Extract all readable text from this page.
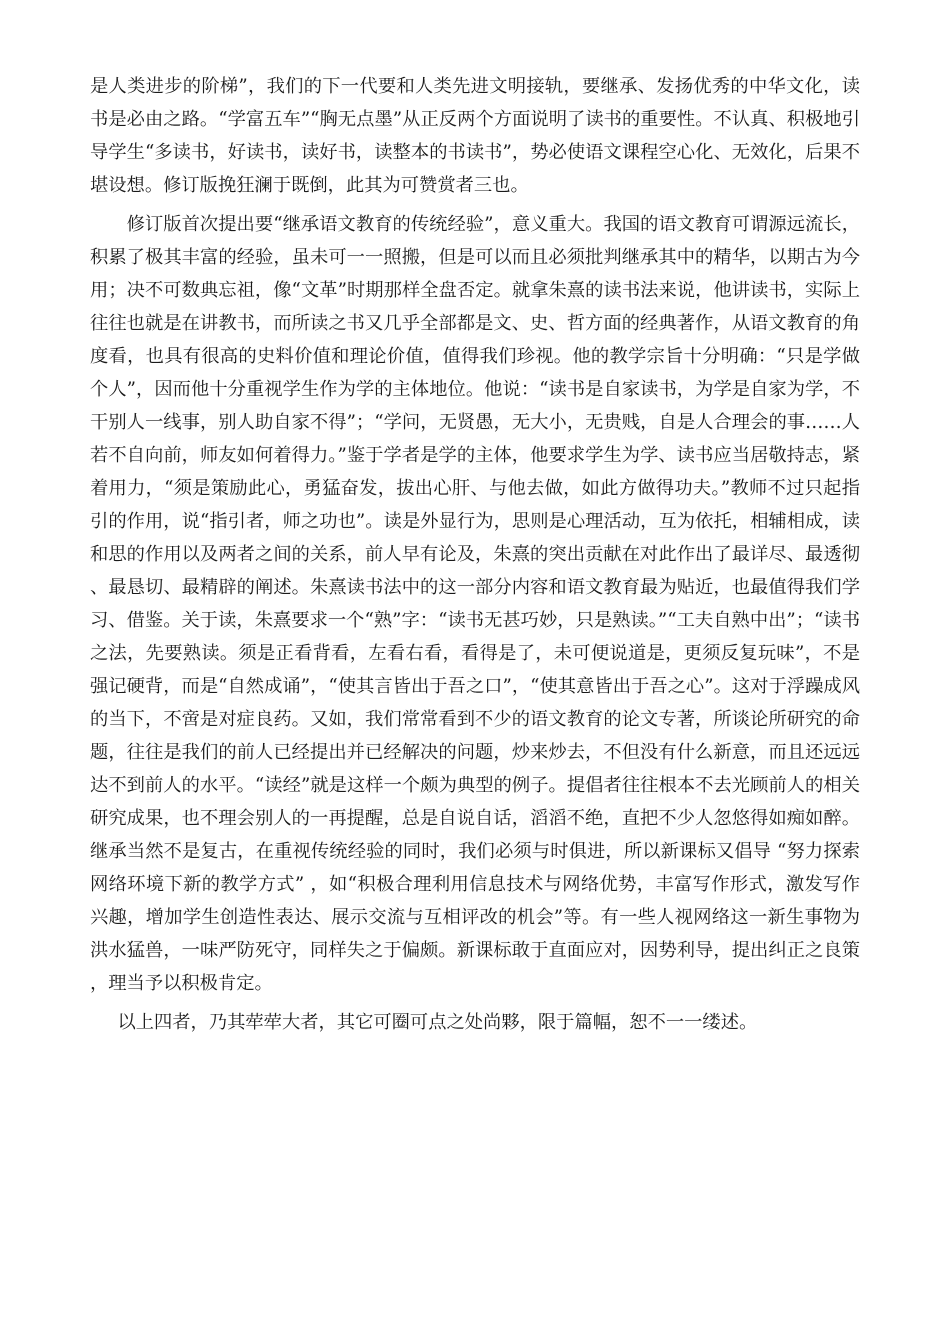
是人类进步的阶梯”，我们的下一代要和人类先进文明接轨，要继承、发扬优秀的中华文化，读书是必由之路。“学富五车”“胸无点墨”从正反两个方面说明了读书的重要性。不认真、积极地引导学生“多读书，好读书，读好书，读整本的书读书”，势必使语文课程空心化、无效化，后果不堪设想。修订版挽狂澜于既倒，此其为可赞赏者三也。

修订版首次提出要“继承语文教育的传统经验”，意义重大。我国的语文教育可谓源远流长，积累了极其丰富的经验，虽未可一一照搬，但是可以而且必须批判继承其中的精华，以期古为今用；决不可数典忘祖，像“文革”时期那样全盘否定。就拿朱熹的读书法来说，他讲读书，实际上往往也就是在讲教书，而所读之书又几乎全部都是文、史、哲方面的经典著作，从语文教育的角度看，也具有很高的史料价值和理论价值，值得我们珍视。他的教学宗旨十分明确：“只是学做个人”，因而他十分重视学生作为学的主体地位。他说：“读书是自家读书，为学是自家为学，不干别人一线事，别人助自家不得”；“学问，无贤愚，无大小，无贵贱，自是人合理会的事……人若不自向前，师友如何着得力。”鉴于学者是学的主体，他要求学生为学、读书应当居敬持志，紧着用力，“须是策励此心，勇猛奋发，拔出心肝、与他去做，如此方做得功夫。”教师不过只起指引的作用，说“指引者，师之功也”。读是外显行为，思则是心理活动，互为依托，相辅相成，读和思的作用以及两者之间的关系，前人早有论及，朱熹的突出贡献在对此作出了最详尽、最透彻、最恳切、最精辟的阐述。朱熹读书法中的这一部分内容和语文教育最为贴近，也最值得我们学习、借鉴。关于读，朱熹要求一个“熟”字：“读书无甚巧妙，只是熟读。”“工夫自熟中出”；“读书之法，先要熟读。须是正看背看，左看右看，看得是了，未可便说道是，更须反复玩味”，不是强记硬背，而是“自然成诵”，“使其言皆出于吾之口”，“使其意皆出于吾之心”。这对于浮躁成风的当下，不啻是对症良药。又如，我们常常看到不少的语文教育的论文专著，所谈论所研究的命题，往往是我们的前人已经提出并已经解决的问题，炒来炒去，不但没有什么新意，而且还远远达不到前人的水平。“读经”就是这样一个颇为典型的例子。提倡者往往根本不去光顾前人的相关研究成果，也不理会别人的一再提醒，总是自说自话，滔滔不绝，直把不少人忽悠得如痴如醉。继承当然不是复古，在重视传统经验的同时，我们必须与时俱进，所以新课标又倡导 “努力探索网络环境下新的教学方式” ，如“积极合理利用信息技术与网络优势，丰富写作形式，激发写作兴趣，增加学生创造性表达、展示交流与互相评改的机会”等。有一些人视网络这一新生事物为洪水猛兽，一味严防死守，同样失之于偏颇。新课标敢于直面应对，因势利导，提出纠正之良策，理当予以积极肯定。

以上四者，乃其荦荦大者，其它可圈可点之处尚夥，限于篇幅，恕不一一缕述。
